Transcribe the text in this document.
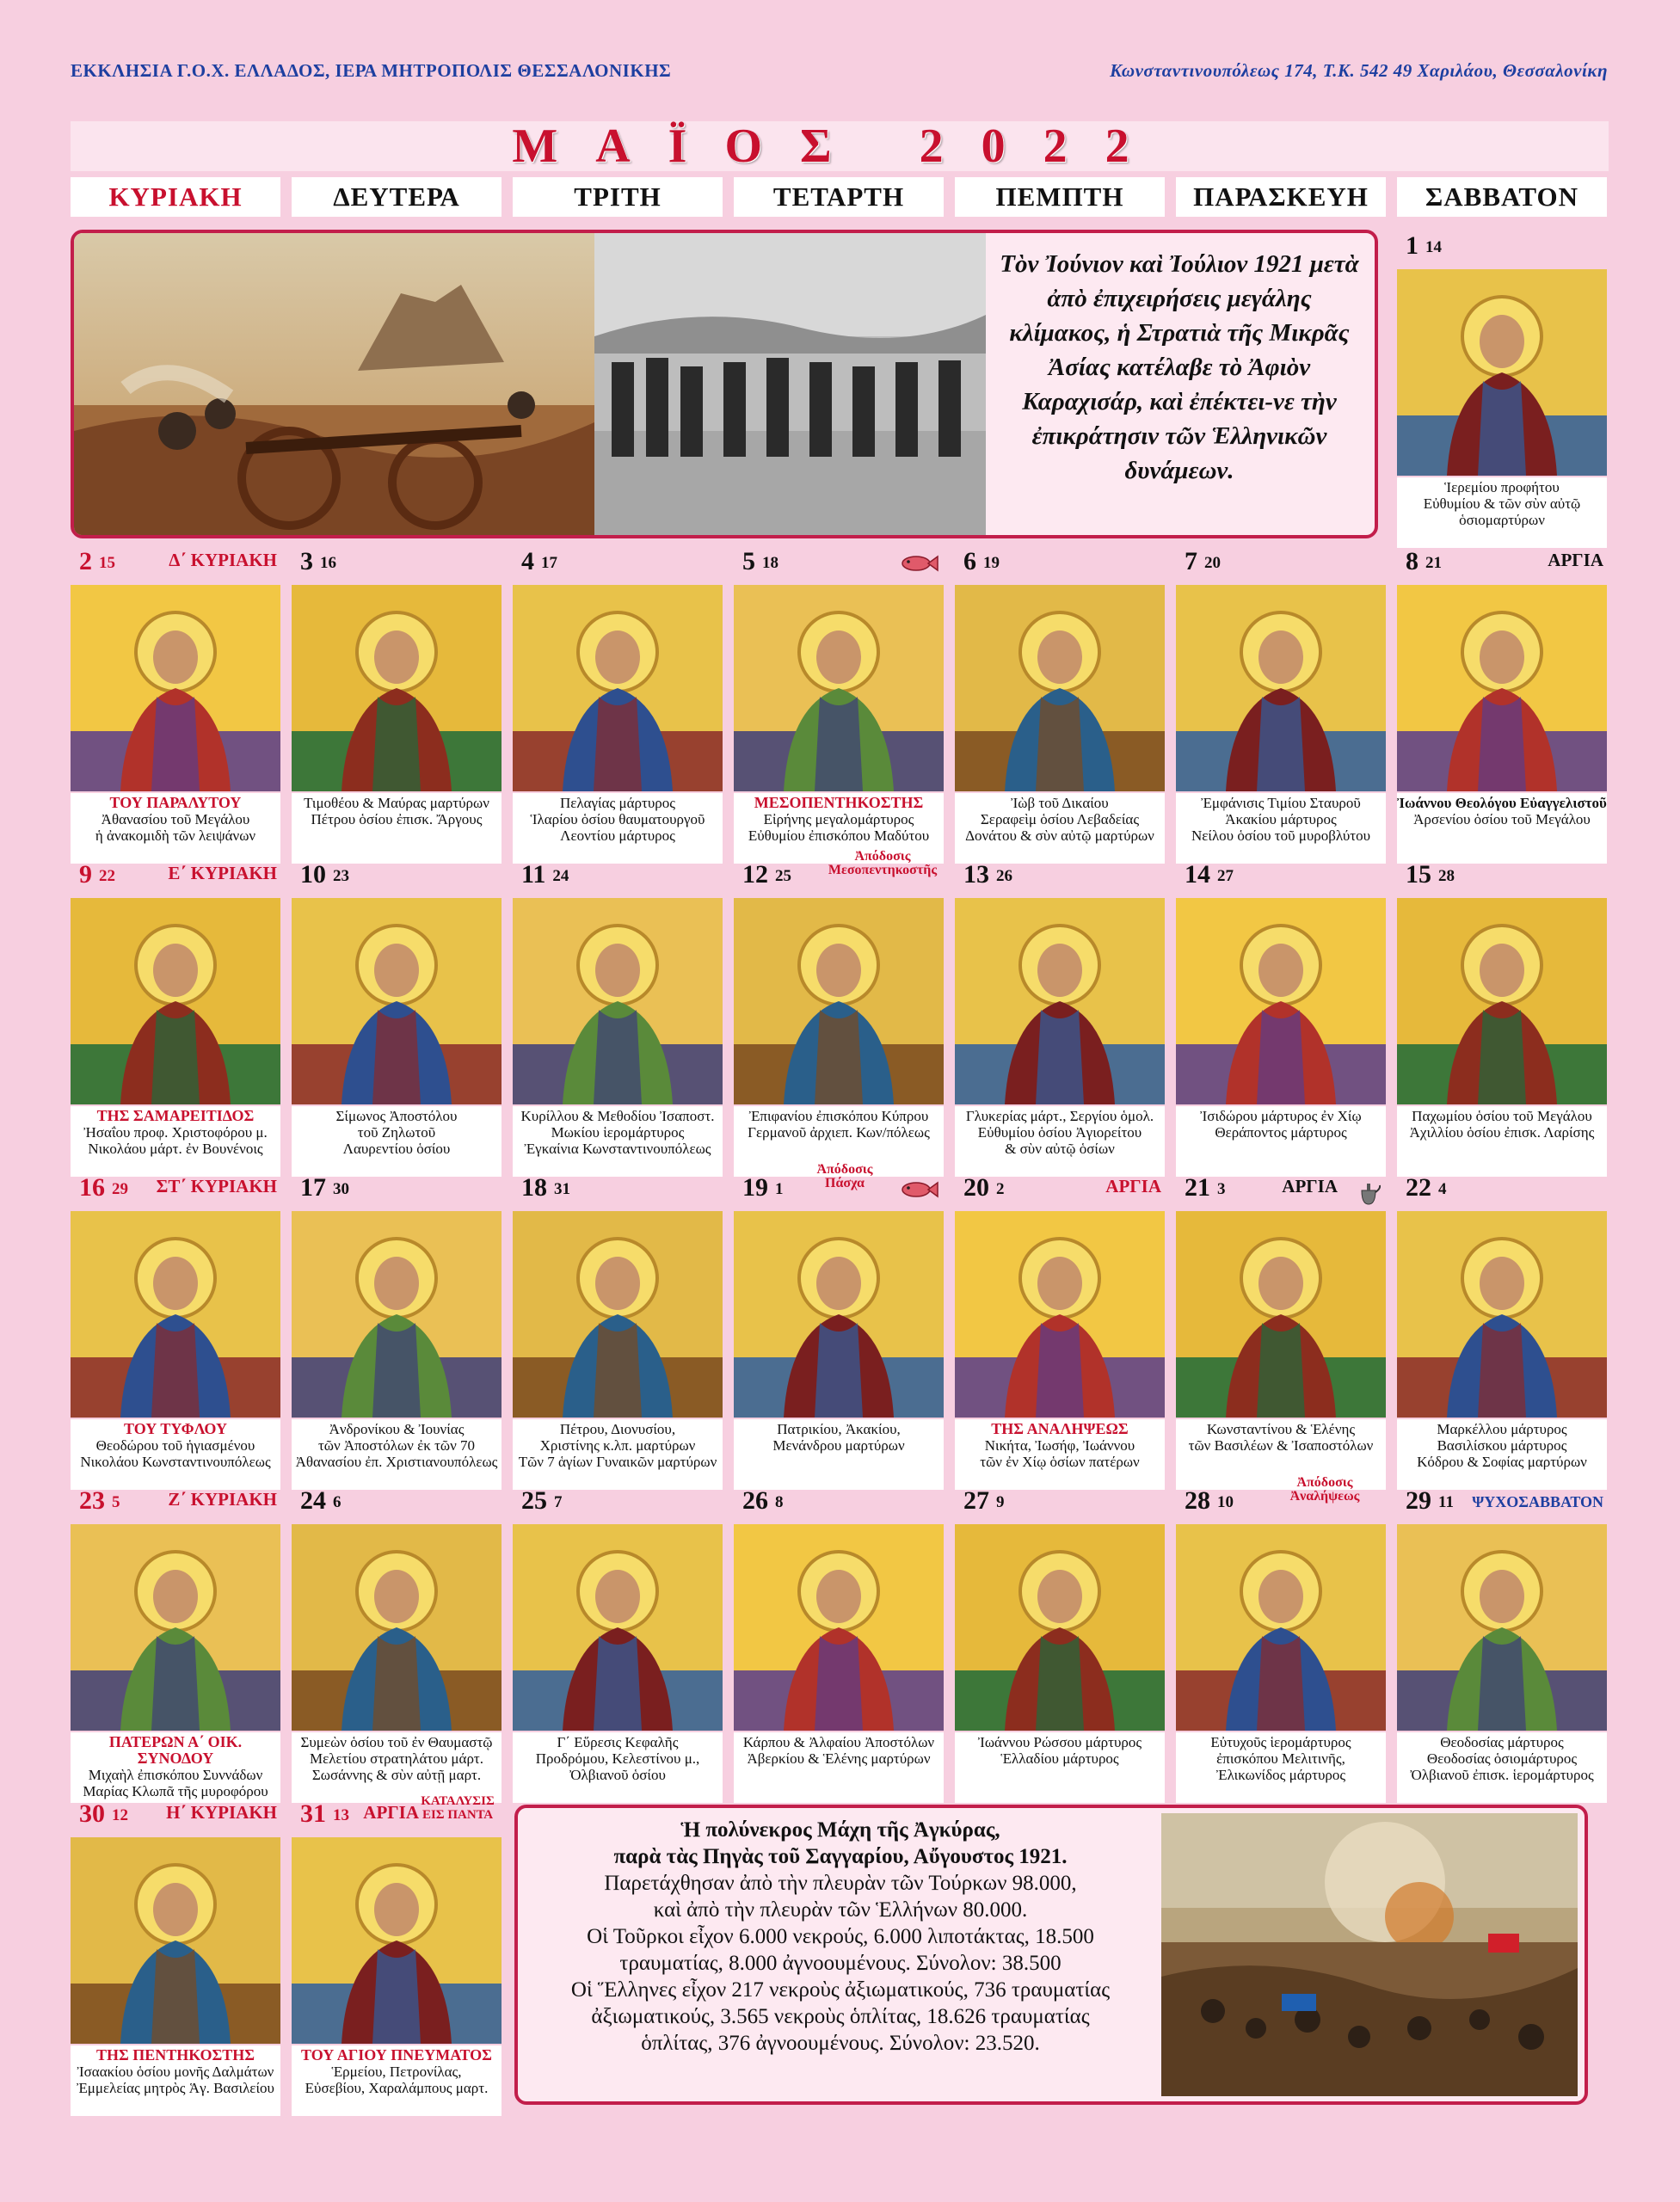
ΕΚΚΛΗΣΙΑ Γ.Ο.Χ. ΕΛΛΑΔΟΣ, ΙΕΡΑ ΜΗΤΡΟΠΟΛΙΣ ΘΕΣΣΑΛΟΝΙΚΗΣ	Κωνσταντινουπόλεως 174, Τ.Κ. 542 49 Χαριλάου, Θεσσαλονίκη
ΜΑΪΟΣ 2022
ΚΥΡΙΑΚΗ	ΔΕΥΤΕΡΑ	ΤΡΙΤΗ	ΤΕΤΑΡΤΗ	ΠΕΜΠΤΗ	ΠΑΡΑΣΚΕΥΗ	ΣΑΒΒΑΤΟΝ
Τὸν Ἰούνιον καὶ Ἰούλιον 1921 μετὰ ἀπὸ ἐπιχειρήσεις μεγάλης κλίμακος, ἡ Στρατιὰ τῆς Μικρᾶς Ἀσίας κατέλαβε τὸ Ἀφιὸν Καραχισάρ, καὶ ἐπέκτει-νε τὴν ἐπικράτησιν τῶν Ἑλληνικῶν δυνάμεων.
1 14
Ἱερεμίου προφήτου
Εὐθυμίου & τῶν σὺν αὐτῷ
ὁσιομαρτύρων
2 15	Δ΄ ΚΥΡΙΑΚΗ
ΤΟΥ ΠΑΡΑΛΥΤΟΥ
Ἀθανασίου τοῦ Μεγάλου
ἡ ἀνακομιδὴ τῶν λειψάνων
3 16
Τιμοθέου & Μαύρας μαρτύρων
Πέτρου ὁσίου ἐπισκ. Ἄργους
4 17
Πελαγίας μάρτυρος
Ἱλαρίου ὁσίου θαυματουργοῦ
Λεοντίου μάρτυρος
5 18
ΜΕΣΟΠΕΝΤΗΚΟΣΤΗΣ
Εἰρήνης μεγαλομάρτυρος
Εὐθυμίου ἐπισκόπου Μαδύτου
6 19
Ἰὼβ τοῦ Δικαίου
Σεραφεὶμ ὁσίου Λεβαδείας
Δονάτου & σὺν αὐτῷ μαρτύρων
7 20
Ἐμφάνισις Τιμίου Σταυροῦ
Ἀκακίου μάρτυρος
Νείλου ὁσίου τοῦ μυροβλύτου
8 21	ΑΡΓΙΑ
Ἰωάννου Θεολόγου Εὐαγγελιστοῦ
Ἀρσενίου ὁσίου τοῦ Μεγάλου
9 22	Ε΄ ΚΥΡΙΑΚΗ
ΤΗΣ ΣΑΜΑΡΕΙΤΙΔΟΣ
Ἠσαΐου προφ. Χριστοφόρου μ.
Νικολάου μάρτ. ἐν Βουνένοις
10 23
Σίμωνος Ἀποστόλου
τοῦ Ζηλωτοῦ
Λαυρεντίου ὁσίου
11 24
Κυρίλλου & Μεθοδίου Ἰσαποστ.
Μωκίου ἱερομάρτυρος
Ἐγκαίνια Κωνσταντινουπόλεως
12 25
Ἀπόδοσις Μεσοπεντηκοστῆς
Ἐπιφανίου ἐπισκόπου Κύπρου
Γερμανοῦ ἀρχιεπ. Κων/πόλεως
13 26
Γλυκερίας μάρτ., Σεργίου ὁμολ.
Εὐθυμίου ὁσίου Ἀγιορείτου
& σὺν αὐτῷ ὁσίων
14 27
Ἰσιδώρου μάρτυρος ἐν Χίῳ
Θεράποντος μάρτυρος
15 28
Παχωμίου ὁσίου τοῦ Μεγάλου
Ἀχιλλίου ὁσίου ἐπισκ. Λαρίσης
16 29 ΣΤ΄ ΚΥΡΙΑΚΗ
ΤΟΥ ΤΥΦΛΟΥ
Θεοδώρου τοῦ ἡγιασμένου
Νικολάου Κωνσταντινουπόλεως
17 30
Ἀνδρονίκου & Ἰουνίας
τῶν Ἀποστόλων ἐκ τῶν 70
Ἀθανασίου ἐπ. Χριστιανουπόλεως
18 31
Πέτρου, Διονυσίου,
Χριστίνης κ.λπ. μαρτύρων
Τῶν 7 ἁγίων Γυναικῶν μαρτύρων
19 1
Ἀπόδοσις Πάσχα
Πατρικίου, Ἀκακίου,
Μενάνδρου μαρτύρων
20 2	ΑΡΓΙΑ
ΤΗΣ ΑΝΑΛΗΨΕΩΣ
Νικήτα, Ἰωσήφ, Ἰωάννου
τῶν ἐν Χίῳ ὁσίων πατέρων
21 3	ΑΡΓΙΑ
Κωνσταντίνου & Ἑλένης
τῶν Βασιλέων & Ἰσαποστόλων
22 4
Μαρκέλλου μάρτυρος
Βασιλίσκου μάρτυρος
Κόδρου & Σοφίας μαρτύρων
23 5	Ζ΄ ΚΥΡΙΑΚΗ
ΠΑΤΕΡΩΝ Α΄ ΟΙΚ. ΣΥΝΟΔΟΥ
Μιχαὴλ ἐπισκόπου Συννάδων
Μαρίας Κλωπᾶ τῆς μυροφόρου
24 6
Συμεὼν ὁσίου τοῦ ἐν Θαυμαστῷ
Μελετίου στρατηλάτου μάρτ.
Σωσάννης & σὺν αὐτῇ μαρτ.
25 7
Γ΄ Εὕρεσις Κεφαλῆς
Προδρόμου, Κελεστίνου μ.,
Ὀλβιανοῦ ὁσίου
26 8
Κάρπου & Ἀλφαίου Ἀποστόλων
Ἀβερκίου & Ἑλένης μαρτύρων
27 9
Ἰωάννου Ρώσσου μάρτυρος
Ἑλλαδίου μάρτυρος
28 10
Ἀπόδοσις Ἀναλήψεως
Εὐτυχοῦς ἱερομάρτυρος
ἐπισκόπου Μελιτινῆς,
Ἐλικωνίδος μάρτυρος
29 11 ΨΥΧΟΣΑΒΒΑΤΟΝ
Θεοδοσίας μάρτυρος
Θεοδοσίας ὁσιομάρτυρος
Ὀλβιανοῦ ἐπισκ. ἱερομάρτυρος
30 12 Η΄ ΚΥΡΙΑΚΗ
ΤΗΣ ΠΕΝΤΗΚΟΣΤΗΣ
Ἰσαακίου ὁσίου μονῆς Δαλμάτων
Ἐμμελείας μητρὸς Ἁγ. Βασιλείου
31 13 ΑΡΓΙΑ
ΚΑΤΑΛΥΣΙΣ ΕΙΣ ΠΑΝΤΑ
ΤΟΥ ΑΓΙΟΥ ΠΝΕΥΜΑΤΟΣ
Ἑρμείου, Πετρονίλας,
Εὐσεβίου, Χαραλάμπους μαρτ.
Ἡ πολύνεκρος Μάχη τῆς Ἀγκύρας,
παρὰ τὰς Πηγὰς τοῦ Σαγγαρίου, Αὔγουστος 1921.
Παρετάχθησαν ἀπὸ τὴν πλευρὰν τῶν Τούρκων 98.000,
καὶ ἀπὸ τὴν πλευρὰν τῶν Ἑλλήνων 80.000.
Οἱ Τοῦρκοι εἶχον 6.000 νεκρούς, 6.000 λιποτάκτας, 18.500
τραυματίας, 8.000 ἀγνοουμένους. Σύνολον: 38.500
Οἱ Ἕλληνες εἶχον 217 νεκροὺς ἀξιωματικούς, 736 τραυματίας
ἀξιωματικούς, 3.565 νεκροὺς ὁπλίτας, 18.626 τραυματίας
ὁπλίτας, 376 ἀγνοουμένους. Σύνολον: 23.520.
